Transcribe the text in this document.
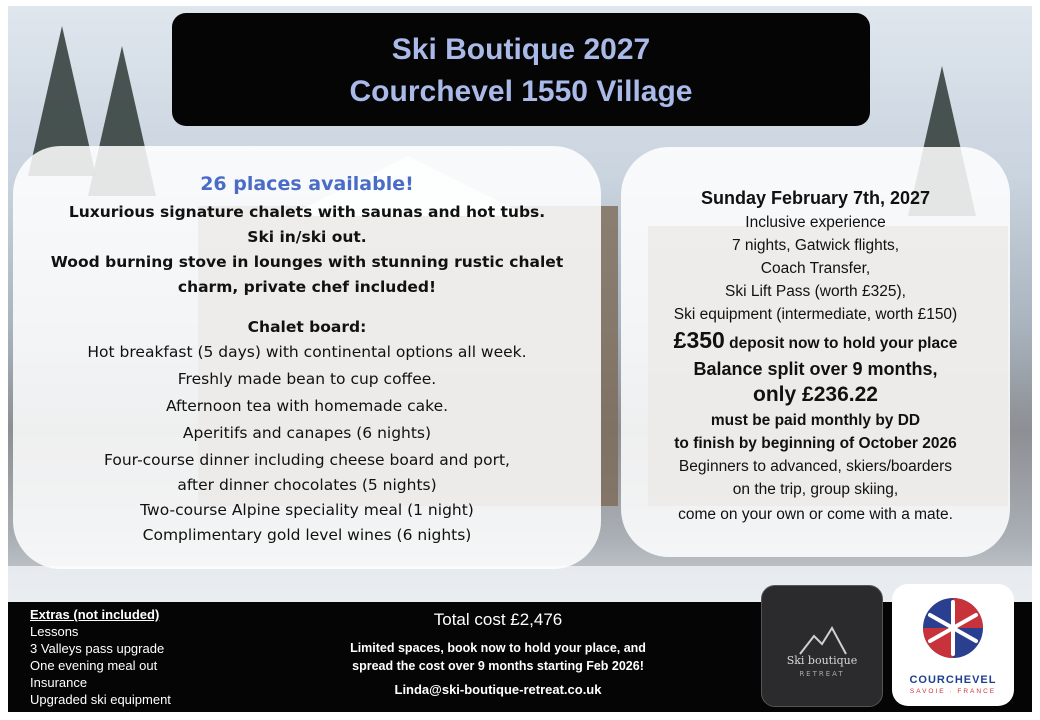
Ski Boutique 2027
Courchevel 1550 Village
26 places available!
Luxurious signature chalets with saunas and hot tubs.
Ski in/ski out.
Wood burning stove in lounges with stunning rustic chalet
charm, private chef included!
Chalet board:
Hot breakfast (5 days) with continental options all week.
Freshly made bean to cup coffee.
Afternoon tea with homemade cake.
Aperitifs and canapes (6 nights)
Four-course dinner including cheese board and port,
after dinner chocolates (5 nights)
Two-course Alpine speciality meal (1 night)
Complimentary gold level wines (6 nights)
Sunday February 7th, 2027
Inclusive experience
7 nights, Gatwick flights,
Coach Transfer,
Ski Lift Pass (worth £325),
Ski equipment (intermediate, worth £150)
£350 deposit now to hold your place
Balance split over 9 months,
only £236.22
must be paid monthly by DD
to finish by beginning of October 2026
Beginners to advanced, skiers/boarders
on the trip, group skiing,
come on your own or come with a mate.
Extras (not included)
Lessons
3 Valleys pass upgrade
One evening meal out
Insurance
Upgraded ski equipment
Total cost £2,476
Limited spaces, book now to hold your place, and
spread the cost over 9 months starting Feb 2026!
Linda@ski-boutique-retreat.co.uk
Ski boutique
RETREAT	COURCHEVEL
SAVOIE · FRANCE
